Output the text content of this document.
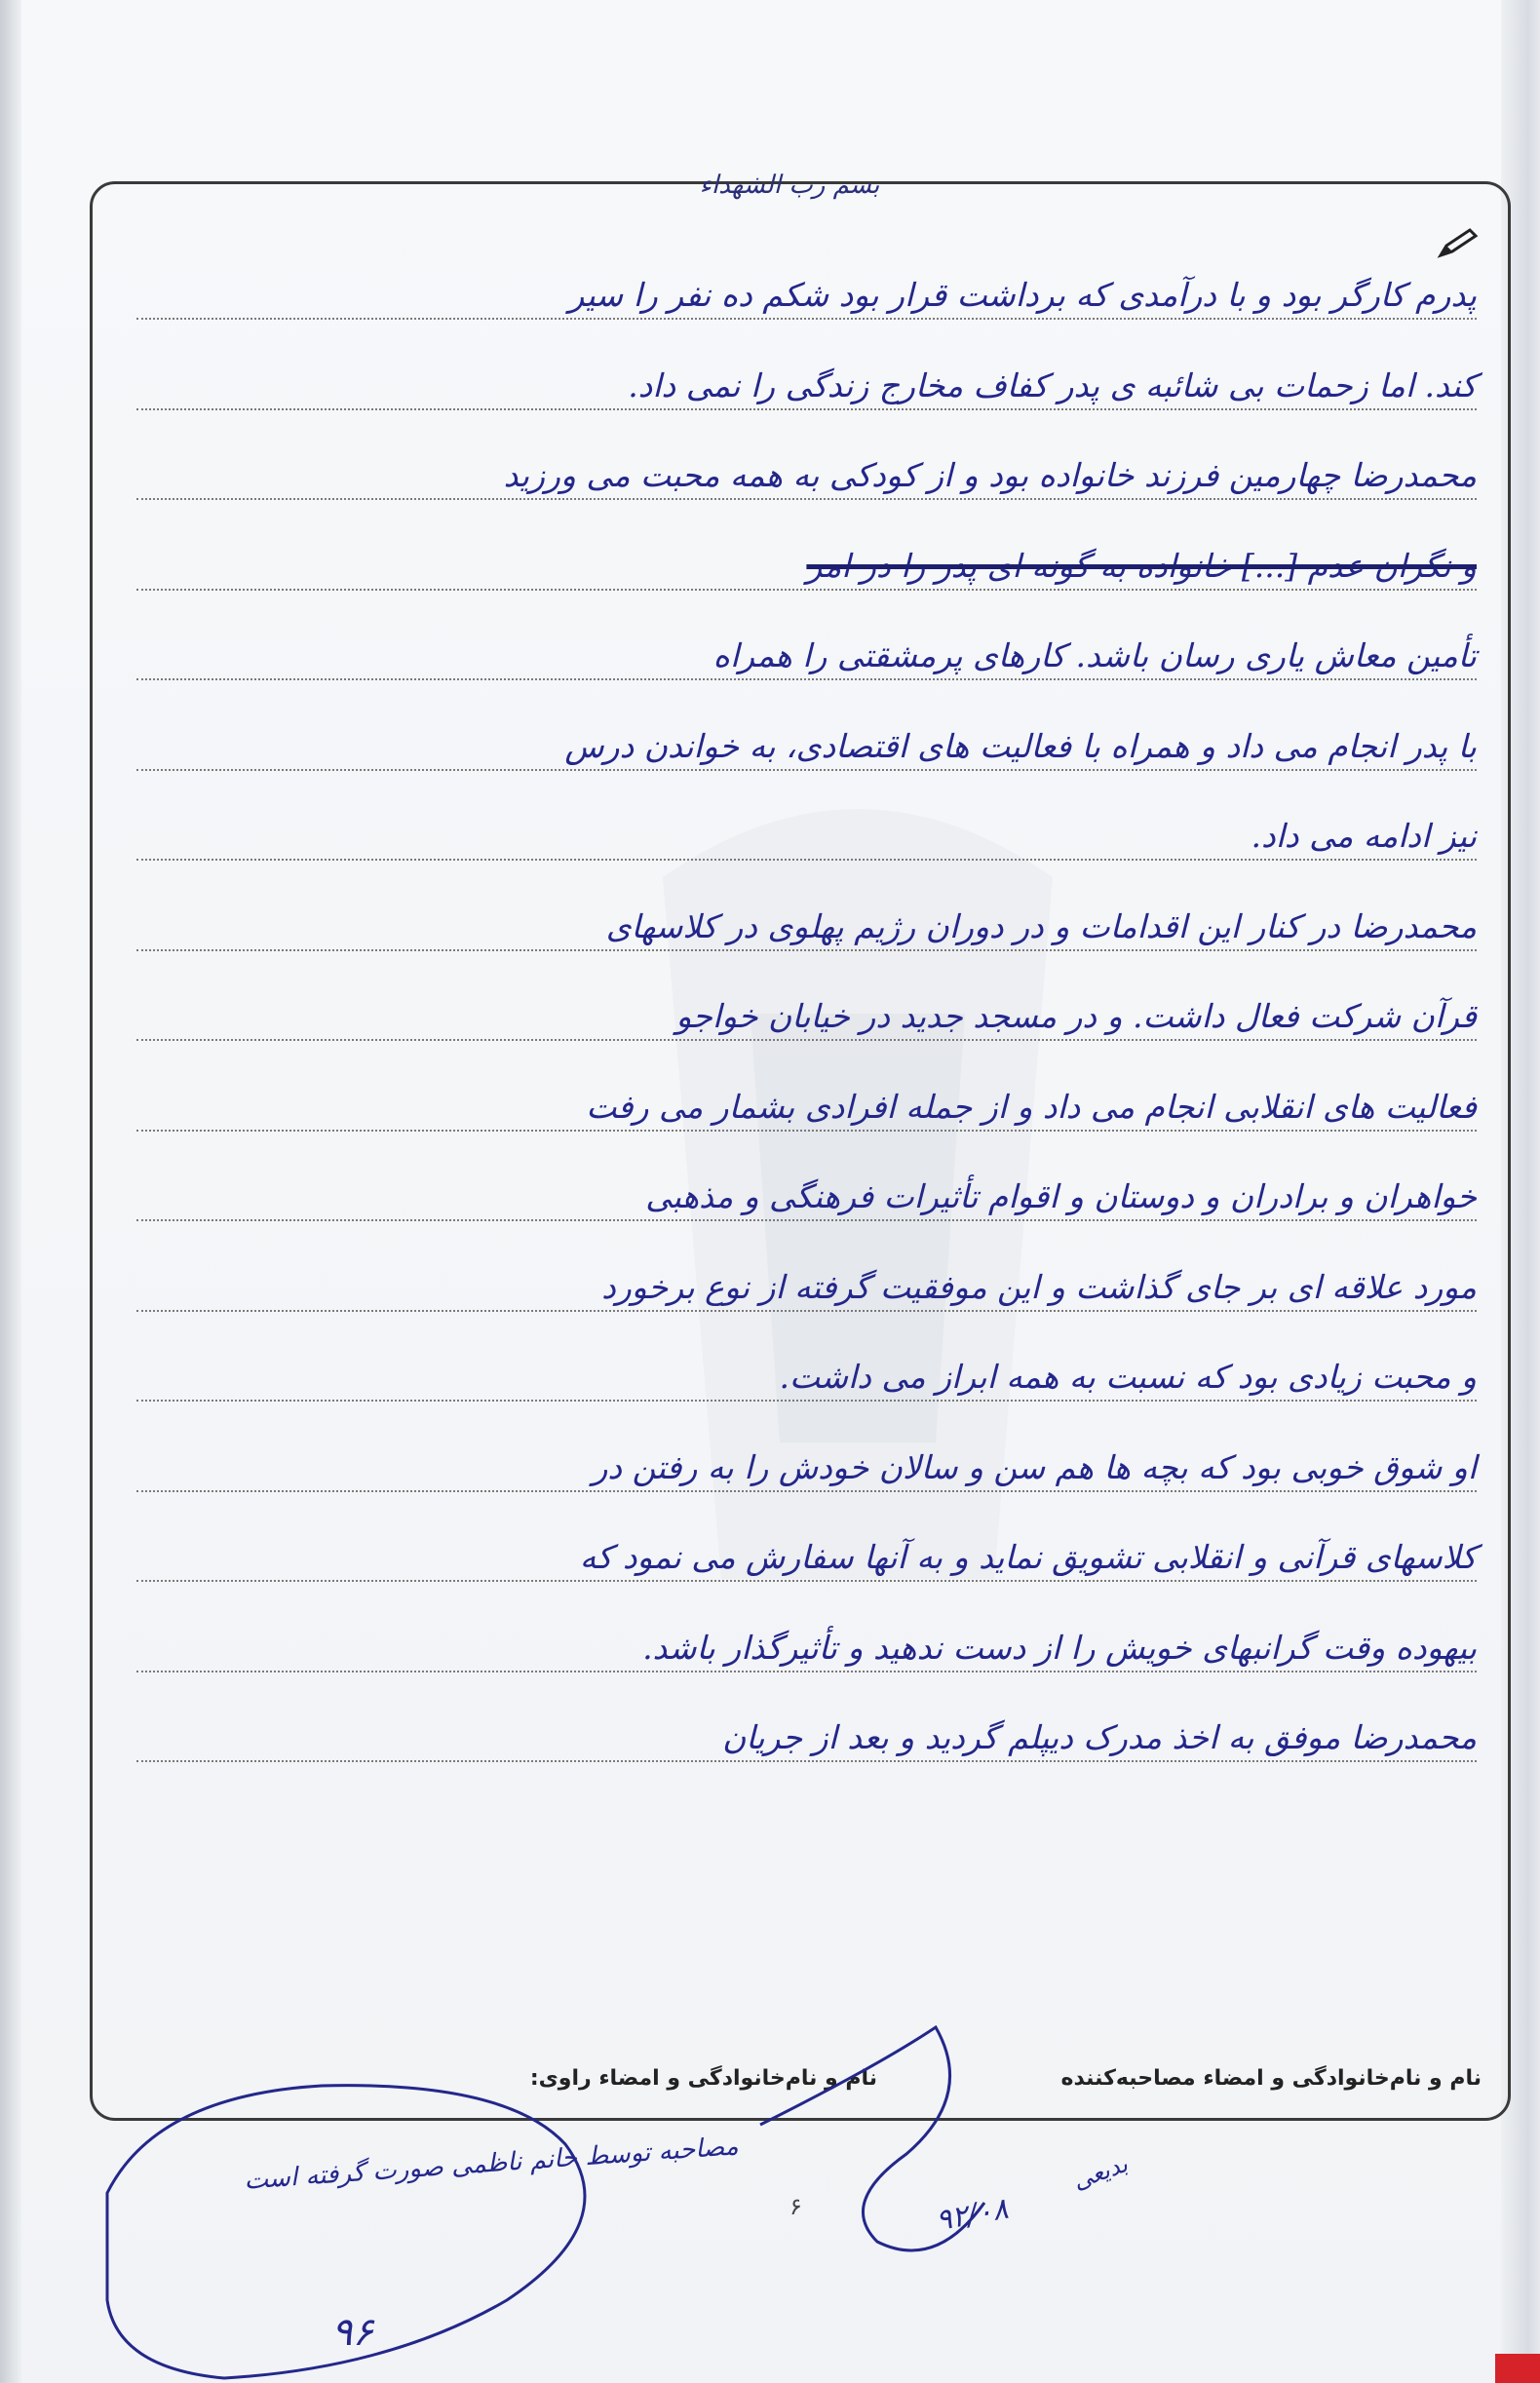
بسم رب الشهداء
پدرم کارگر بود و با درآمدی که برداشت قرار بود شکم ده نفر را سیر
کند. اما زحمات بی شائبه ی پدر کفاف مخارج زندگی را نمی داد.
محمدرضا چهارمین فرزند خانواده بود و از کودکی به همه محبت می ورزید
و نگران عدم [...] خانواده به گونه ای پدر را در امر
تأمین معاش یاری رسان باشد. کارهای پرمشقتی را همراه
با پدر انجام می داد و همراه با فعالیت های اقتصادی، به خواندن درس
نیز ادامه می داد.
محمدرضا در کنار این اقدامات و در دوران رژیم پهلوی در کلاسهای
قرآن شرکت فعال داشت. و در مسجد جدید در خیابان خواجو
فعالیت های انقلابی انجام می داد و از جمله افرادی بشمار می رفت
خواهران و برادران و دوستان و اقوام تأثیرات فرهنگی و مذهبی
مورد علاقه ای بر جای گذاشت و این موفقیت گرفته از نوع برخورد
و محبت زیادی بود که نسبت به همه ابراز می داشت.
او شوق خوبی بود که بچه ها هم سن و سالان خودش را به رفتن در
کلاسهای قرآنی و انقلابی تشویق نماید و به آنها سفارش می نمود که
بیهوده وقت گرانبهای خویش را از دست ندهید و تأثیرگذار باشد.
محمدرضا موفق به اخذ مدرک دیپلم گردید و بعد از جریان
نام و نام‌خانوادگی و امضاء مصاحبه‌کننده
نام و نام‌خانوادگی و امضاء راوی:
مصاحبه توسط خانم ناظمی صورت گرفته است	بدیعی
۹۲/۰۸
۶
۹۶
